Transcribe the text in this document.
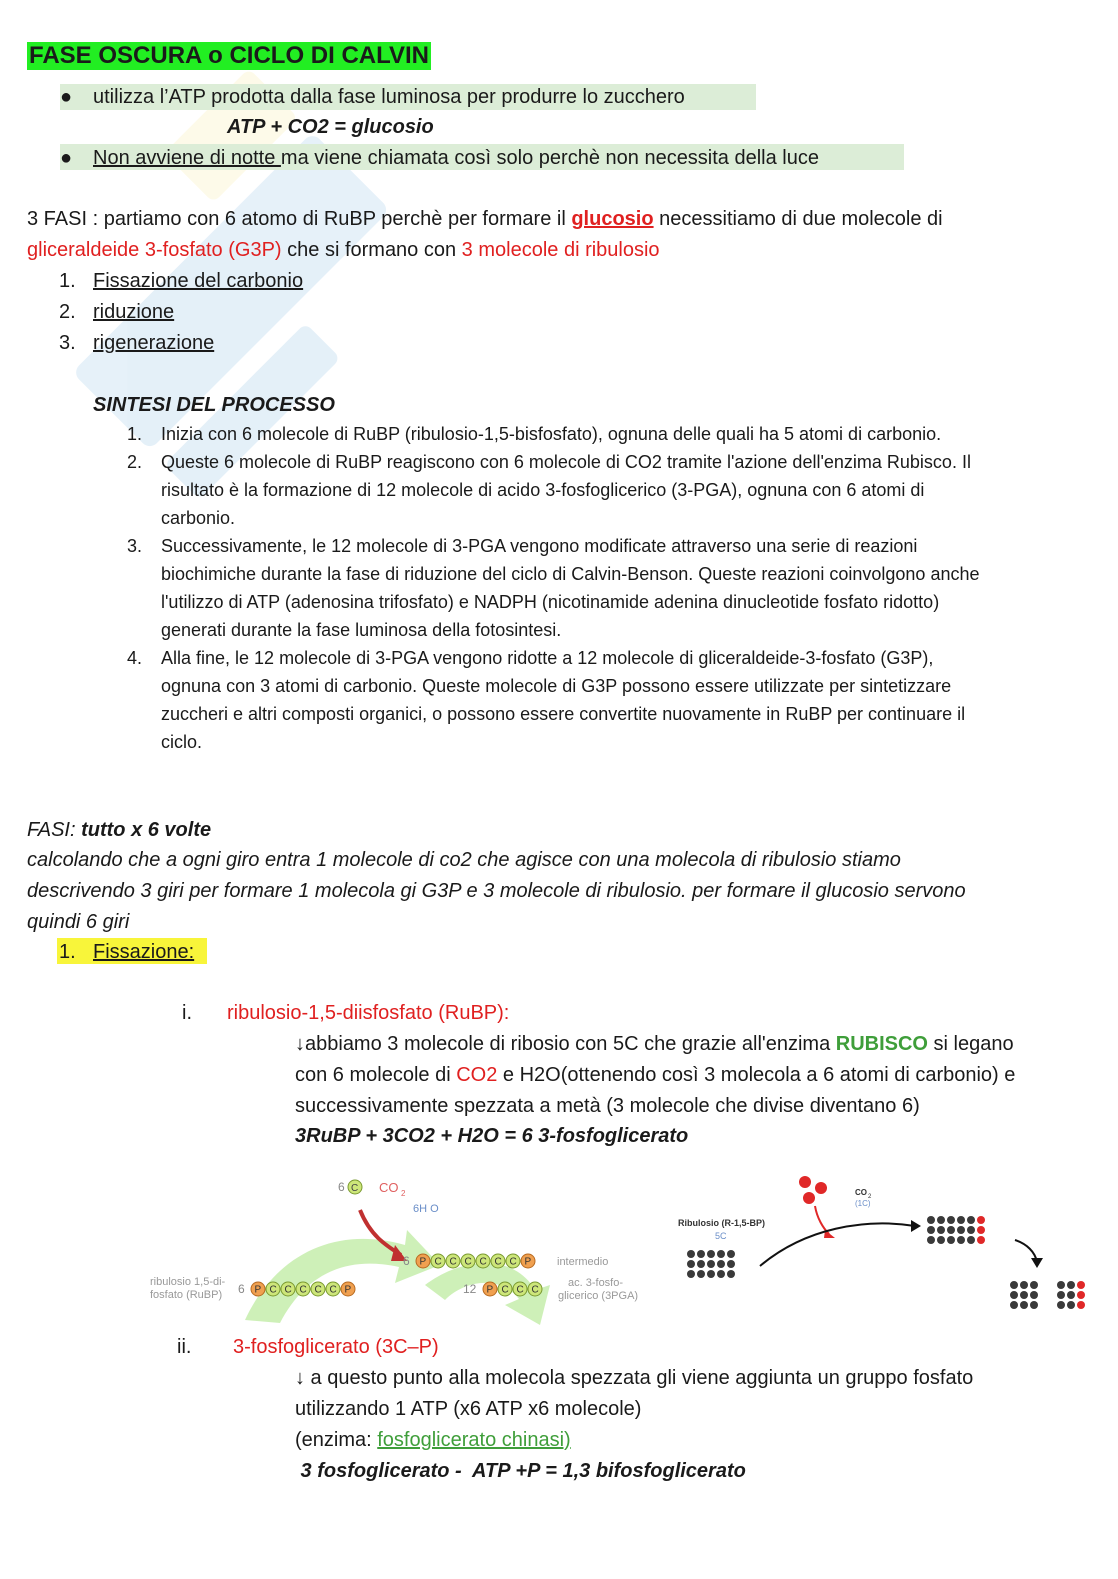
FASE OSCURA o CICLO DI CALVIN
● utilizza l’ATP prodotta dalla fase luminosa per produrre lo zucchero
ATP + CO2 = glucosio
● Non avviene di notte ma viene chiamata così solo perchè non necessita della luce
3 FASI : partiamo con 6 atomo di RuBP perchè per formare il glucosio necessitiamo di due molecole di
gliceraldeide 3-fosfato (G3P) che si formano con 3 molecole di ribulosio
1. Fissazione del carbonio
2. riduzione
3. rigenerazione
SINTESI DEL PROCESSO
1. Inizia con 6 molecole di RuBP (ribulosio-1,5-bisfosfato), ognuna delle quali ha 5 atomi di carbonio.
2. Queste 6 molecole di RuBP reagiscono con 6 molecole di CO2 tramite l'azione dell'enzima Rubisco. Il
risultato è la formazione di 12 molecole di acido 3-fosfoglicerico (3-PGA), ognuna con 6 atomi di
carbonio.
3. Successivamente, le 12 molecole di 3-PGA vengono modificate attraverso una serie di reazioni
biochimiche durante la fase di riduzione del ciclo di Calvin-Benson. Queste reazioni coinvolgono anche
l'utilizzo di ATP (adenosina trifosfato) e NADPH (nicotinamide adenina dinucleotide fosfato ridotto)
generati durante la fase luminosa della fotosintesi.
4. Alla fine, le 12 molecole di 3-PGA vengono ridotte a 12 molecole di gliceraldeide-3-fosfato (G3P),
ognuna con 3 atomi di carbonio. Queste molecole di G3P possono essere utilizzate per sintetizzare
zuccheri e altri composti organici, o possono essere convertite nuovamente in RuBP per continuare il
ciclo.
FASI: tutto x 6 volte
calcolando che a ogni giro entra 1 molecole di co2 che agisce con una molecola di ribulosio stiamo
descrivendo 3 giri per formare 1 molecola gi G3P e 3 molecole di ribulosio. per formare il glucosio servono
quindi 6 giri
1. Fissazione:
i. ribulosio-1,5-diisfosfato (RuBP):
↓abbiamo 3 molecole di ribosio con 5C che grazie all'enzima RUBISCO si legano
con 6 molecole di CO2 e H2O(ottenendo così 3 molecola a 6 atomi di carbonio) e
successivamente spezzata a metà (3 molecole che divise diventano 6)
3RuBP + 3CO2 + H2O = 6 3-fosfoglicerato
6 C CO 2
6H O
6 P C C C C C C P intermedio
ribulosio 1,5-di-
fosfato (RuBP) 6 P C C C C C P	12 P C C C
ac. 3-fosfo-
glicerico (3PGA)
Ribulosio (R-1,5-BP)
5C
CO 2
(1C)
ii. 3-fosfoglicerato (3C–P)
↓ a questo punto alla molecola spezzata gli viene aggiunta un gruppo fosfato
utilizzando 1 ATP (x6 ATP x6 molecole)
(enzima: fosfoglicerato chinasi)
3 fosfoglicerato -  ATP +P = 1,3 bifosfoglicerato
